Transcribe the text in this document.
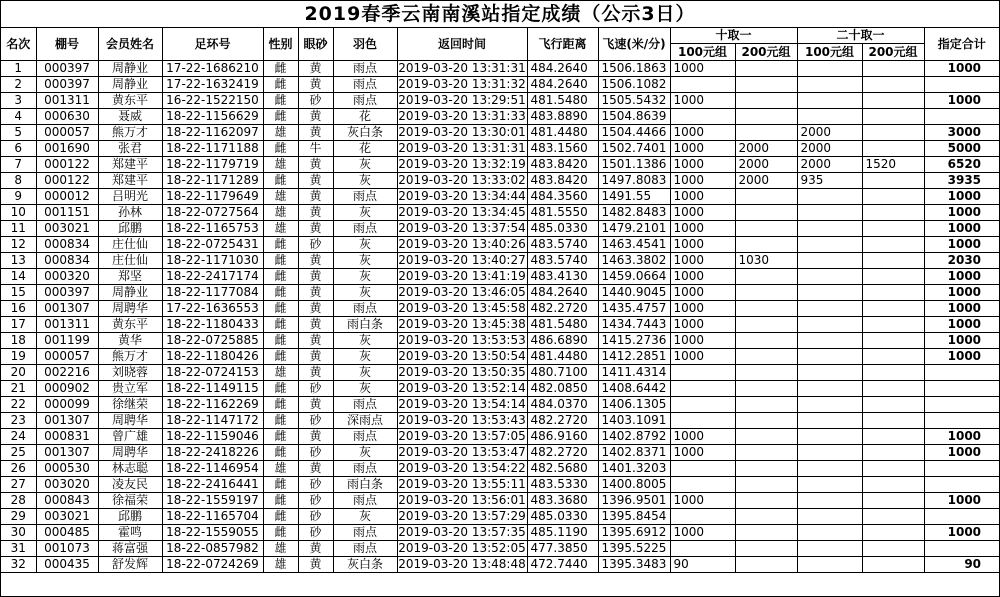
2019春季云南南溪站指定成绩（公示3日）
名次	棚号	会员姓名	足环号	性别	眼砂	羽色	返回时间	飞行距离	飞速(米/分)	十取一		二十取一		指定合计
										100元组	200元组	100元组	200元组	
1	000397	周静业	17-22-1686210	雌	黄	雨点	2019-03-20 13:31:31	484.2640	1506.1863	1000				1000
2	000397	周静业	17-22-1632419	雌	黄	雨点	2019-03-20 13:31:32	484.2640	1506.1082					
3	001311	黄东平	16-22-1522150	雌	砂	雨点	2019-03-20 13:29:51	481.5480	1505.5432	1000				1000
4	000630	聂威	18-22-1156629	雌	黄	花	2019-03-20 13:31:33	483.8890	1504.8639					
5	000057	熊万才	18-22-1162097	雄	黄	灰白条	2019-03-20 13:30:01	481.4480	1504.4466	1000		2000		3000
6	001690	张君	18-22-1171188	雌	牛	花	2019-03-20 13:31:31	483.1560	1502.7401	1000	2000	2000		5000
7	000122	郑建平	18-22-1179719	雄	黄	灰	2019-03-20 13:32:19	483.8420	1501.1386	1000	2000	2000	1520	6520
8	000122	郑建平	18-22-1171289	雌	黄	灰	2019-03-20 13:33:02	483.8420	1497.8083	1000	2000	935		3935
9	000012	吕明光	18-22-1179649	雄	黄	雨点	2019-03-20 13:34:44	484.3560	1491.55	1000				1000
10	001151	孙林	18-22-0727564	雄	黄	灰	2019-03-20 13:34:45	481.5550	1482.8483	1000				1000
11	003021	邱鹏	18-22-1165753	雄	黄	雨点	2019-03-20 13:37:54	485.0330	1479.2101	1000				1000
12	000834	庄仕仙	18-22-0725431	雌	砂	灰	2019-03-20 13:40:26	483.5740	1463.4541	1000				1000
13	000834	庄仕仙	18-22-1171030	雌	黄	灰	2019-03-20 13:40:27	483.5740	1463.3802	1000	1030			2030
14	000320	郑坚	18-22-2417174	雌	黄	灰	2019-03-20 13:41:19	483.4130	1459.0664	1000				1000
15	000397	周静业	18-22-1177084	雌	黄	灰	2019-03-20 13:46:05	484.2640	1440.9045	1000				1000
16	001307	周聘华	17-22-1636553	雌	黄	雨点	2019-03-20 13:45:58	482.2720	1435.4757	1000				1000
17	001311	黄东平	18-22-1180433	雌	黄	雨白条	2019-03-20 13:45:38	481.5480	1434.7443	1000				1000
18	001199	黄华	18-22-0725885	雌	黄	灰	2019-03-20 13:53:53	486.6890	1415.2736	1000				1000
19	000057	熊万才	18-22-1180426	雌	黄	灰	2019-03-20 13:50:54	481.4480	1412.2851	1000				1000
20	002216	刘晓蓉	18-22-0724153	雄	黄	灰	2019-03-20 13:50:35	480.7100	1411.4314					
21	000902	贵立军	18-22-1149115	雌	砂	灰	2019-03-20 13:52:14	482.0850	1408.6442					
22	000099	徐继荣	18-22-1162269	雌	黄	雨点	2019-03-20 13:54:14	484.0370	1406.1305					
23	001307	周聘华	18-22-1147172	雌	砂	深雨点	2019-03-20 13:53:43	482.2720	1403.1091					
24	000831	曾广雄	18-22-1159046	雌	黄	雨点	2019-03-20 13:57:05	486.9160	1402.8792	1000				1000
25	001307	周聘华	18-22-2418226	雌	砂	灰	2019-03-20 13:53:47	482.2720	1402.8371	1000				1000
26	000530	林志聪	18-22-1146954	雄	黄	雨点	2019-03-20 13:54:22	482.5680	1401.3203					
27	003020	凌友民	18-22-2416441	雌	砂	雨白条	2019-03-20 13:55:11	483.5330	1400.8005					
28	000843	徐福荣	18-22-1559197	雌	砂	雨点	2019-03-20 13:56:01	483.3680	1396.9501	1000				1000
29	003021	邱鹏	18-22-1165704	雌	砂	灰	2019-03-20 13:57:29	485.0330	1395.8454					
30	000485	霍鸣	18-22-1559055	雌	砂	雨点	2019-03-20 13:57:35	485.1190	1395.6912	1000				1000
31	001073	蒋富强	18-22-0857982	雄	黄	雨点	2019-03-20 13:52:05	477.3850	1395.5225					
32	000435	舒发辉	18-22-0724269	雄	黄	灰白条	2019-03-20 13:48:48	472.7440	1395.3483	90				90
